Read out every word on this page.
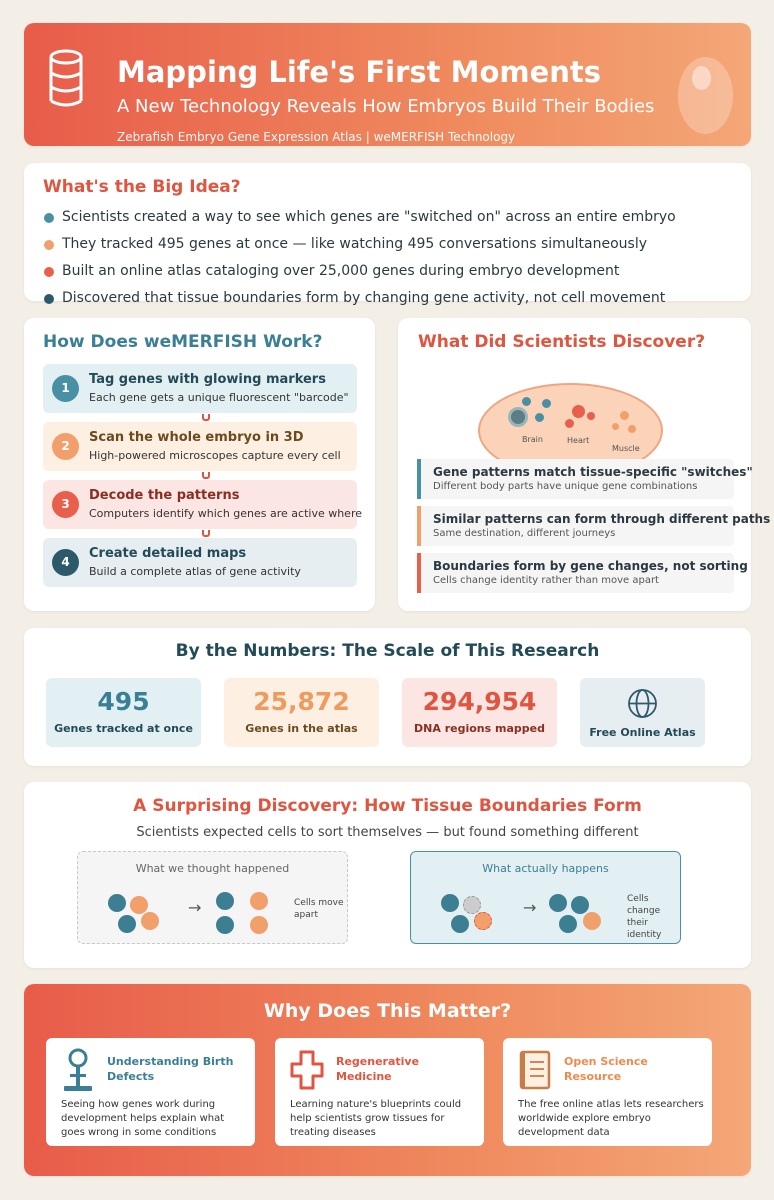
Mapping Life's First Moments
A New Technology Reveals How Embryos Build Their Bodies
Zebrafish Embryo Gene Expression Atlas | weMERFISH Technology
What's the Big Idea?
Scientists created a way to see which genes are "switched on" across an entire embryo
They tracked 495 genes at once — like watching 495 conversations simultaneously
Built an online atlas cataloging over 25,000 genes during embryo development
Discovered that tissue boundaries form by changing gene activity, not cell movement
How Does weMERFISH Work?
1
Tag genes with glowing markers
Each gene gets a unique fluorescent "barcode"
2
Scan the whole embryo in 3D
High-powered microscopes capture every cell
3
Decode the patterns
Computers identify which genes are active where
4
Create detailed maps
Build a complete atlas of gene activity
What Did Scientists Discover?
Brain	Heart
Muscle
Gene patterns match tissue-specific "switches"
Different body parts have unique gene combinations
Similar patterns can form through different paths
Same destination, different journeys
Boundaries form by gene changes, not sorting
Cells change identity rather than move apart
By the Numbers: The Scale of This Research
495
Genes tracked at once
25,872
Genes in the atlas
294,954
DNA regions mapped	Free Online Atlas
A Surprising Discovery: How Tissue Boundaries Form
Scientists expected cells to sort themselves — but found something different
What we thought happened
→	Cells move apart
What actually happens
→	Cells change
their identity
Why Does This Matter?
Understanding Birth Defects
Seeing how genes work during development helps explain what goes wrong in some conditions
Regenerative Medicine
Learning nature's blueprints could help scientists grow tissues for treating diseases
Open Science Resource
The free online atlas lets researchers worldwide explore embryo development data
